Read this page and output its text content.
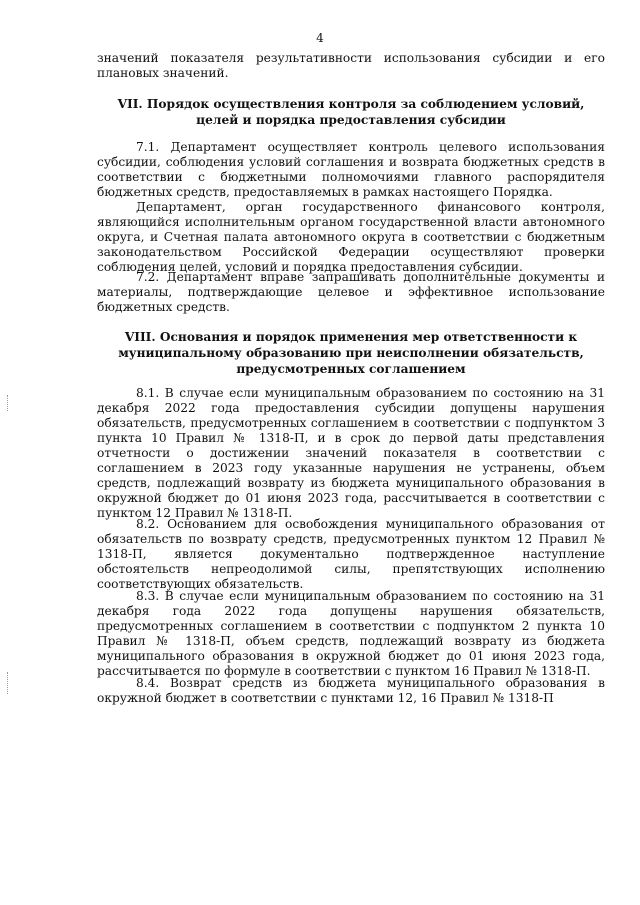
4

значений показателя результативности использования субсидии и его плановых значений.

VII. Порядок осуществления контроля за соблюдением условий, целей и порядка предоставления субсидии

7.1. Департамент осуществляет контроль целевого использования субсидии, соблюдения условий соглашения и возврата бюджетных средств в соответствии с бюджетными полномочиями главного распорядителя бюджетных средств, предоставляемых в рамках настоящего Порядка.

Департамент, орган государственного финансового контроля, являющийся исполнительным органом государственной власти автономного округа, и Счетная палата автономного округа в соответствии с бюджетным законодательством Российской Федерации осуществляют проверки соблюдения целей, условий и порядка предоставления субсидии.

7.2. Департамент вправе запрашивать дополнительные документы и материалы, подтверждающие целевое и эффективное использование бюджетных средств.

VIII. Основания и порядок применения мер ответственности к муниципальному образованию при неисполнении обязательств, предусмотренных соглашением

8.1. В случае если муниципальным образованием по состоянию на 31 декабря 2022 года предоставления субсидии допущены нарушения обязательств, предусмотренных соглашением в соответствии с подпунктом 3 пункта 10 Правил № 1318-П, и в срок до первой даты представления отчетности о достижении значений показателя в соответствии с соглашением в 2023 году указанные нарушения не устранены, объем средств, подлежащий возврату из бюджета муниципального образования в окружной бюджет до 01 июня 2023 года, рассчитывается в соответствии с пунктом 12 Правил № 1318-П.

8.2. Основанием для освобождения муниципального образования от обязательств по возврату средств, предусмотренных пунктом 12 Правил № 1318-П, является документально подтвержденное наступление обстоятельств непреодолимой силы, препятствующих исполнению соответствующих обязательств.

8.3. В случае если муниципальным образованием по состоянию на 31 декабря года 2022 года допущены нарушения обязательств, предусмотренных соглашением в соответствии с подпунктом 2 пункта 10 Правил № 1318-П, объем средств, подлежащий возврату из бюджета муниципального образования в окружной бюджет до 01 июня 2023 года, рассчитывается по формуле в соответствии с пунктом 16 Правил № 1318-П.

8.4. Возврат средств из бюджета муниципального образования в окружной бюджет в соответствии с пунктами 12, 16 Правил № 1318-П
